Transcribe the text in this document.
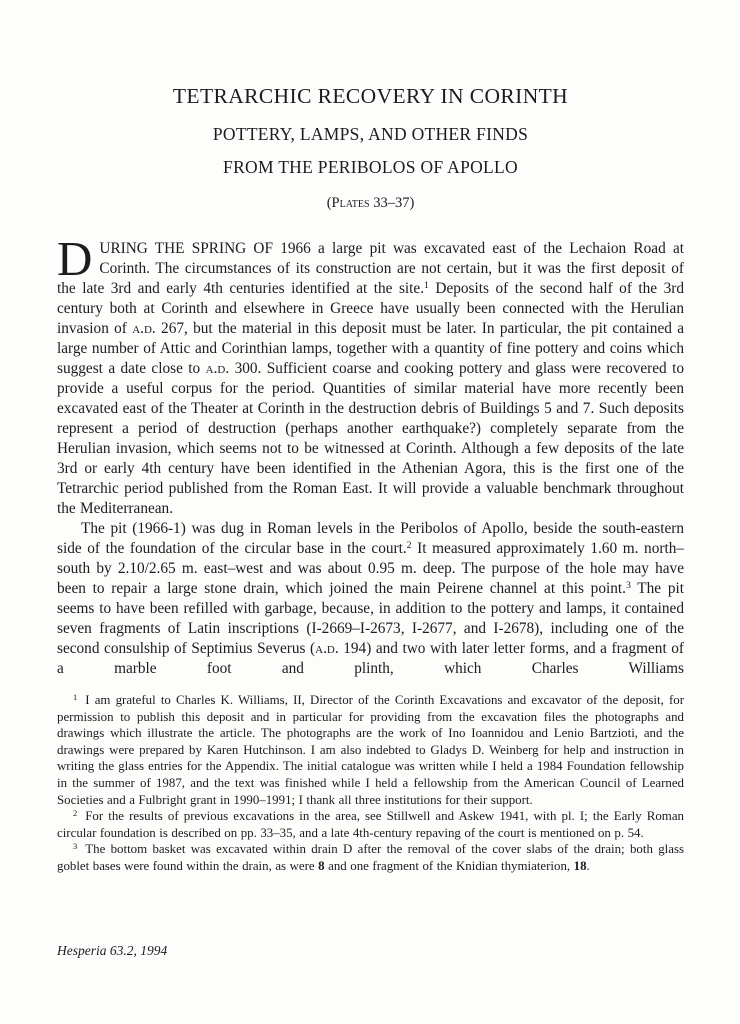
TETRARCHIC RECOVERY IN CORINTH
POTTERY, LAMPS, AND OTHER FINDS
FROM THE PERIBOLOS OF APOLLO
(Plates 33–37)

DURING THE SPRING OF 1966 a large pit was excavated east of the Lechaion Road at Corinth. The circumstances of its construction are not certain, but it was the first deposit of the late 3rd and early 4th centuries identified at the site.$^1$ Deposits of the second half of the 3rd century both at Corinth and elsewhere in Greece have usually been connected with the Herulian invasion of a.d. 267, but the material in this deposit must be later. In particular, the pit contained a large number of Attic and Corinthian lamps, together with a quantity of fine pottery and coins which suggest a date close to a.d. 300. Sufficient coarse and cooking pottery and glass were recovered to provide a useful corpus for the period. Quantities of similar material have more recently been excavated east of the Theater at Corinth in the destruction debris of Buildings 5 and 7. Such deposits represent a period of destruction (perhaps another earthquake?) completely separate from the Herulian invasion, which seems not to be witnessed at Corinth. Although a few deposits of the late 3rd or early 4th century have been identified in the Athenian Agora, this is the first one of the Tetrarchic period published from the Roman East. It will provide a valuable benchmark throughout the Mediterranean.

The pit (1966-1) was dug in Roman levels in the Peribolos of Apollo, beside the south-eastern side of the foundation of the circular base in the court.$^2$ It measured approximately 1.60 m. north–south by 2.10/2.65 m. east–west and was about 0.95 m. deep. The purpose of the hole may have been to repair a large stone drain, which joined the main Peirene channel at this point.$^3$ The pit seems to have been refilled with garbage, because, in addition to the pottery and lamps, it contained seven fragments of Latin inscriptions (I-2669–I-2673, I-2677, and I-2678), including one of the second consulship of Septimius Severus (a.d. 194) and two with later letter forms, and a fragment of a marble foot and plinth, which Charles Williams

$^1$ I am grateful to Charles K. Williams, II, Director of the Corinth Excavations and excavator of the deposit, for permission to publish this deposit and in particular for providing from the excavation files the photographs and drawings which illustrate the article. The photographs are the work of Ino Ioannidou and Lenio Bartzioti, and the drawings were prepared by Karen Hutchinson. I am also indebted to Gladys D. Weinberg for help and instruction in writing the glass entries for the Appendix. The initial catalogue was written while I held a 1984 Foundation fellowship in the summer of 1987, and the text was finished while I held a fellowship from the American Council of Learned Societies and a Fulbright grant in 1990–1991; I thank all three institutions for their support.

$^2$ For the results of previous excavations in the area, see Stillwell and Askew 1941, with pl. I; the Early Roman circular foundation is described on pp. 33–35, and a late 4th-century repaving of the court is mentioned on p. 54.

$^3$ The bottom basket was excavated within drain D after the removal of the cover slabs of the drain; both glass goblet bases were found within the drain, as were 8 and one fragment of the Knidian thymiaterion, 18.

Hesperia 63.2, 1994
